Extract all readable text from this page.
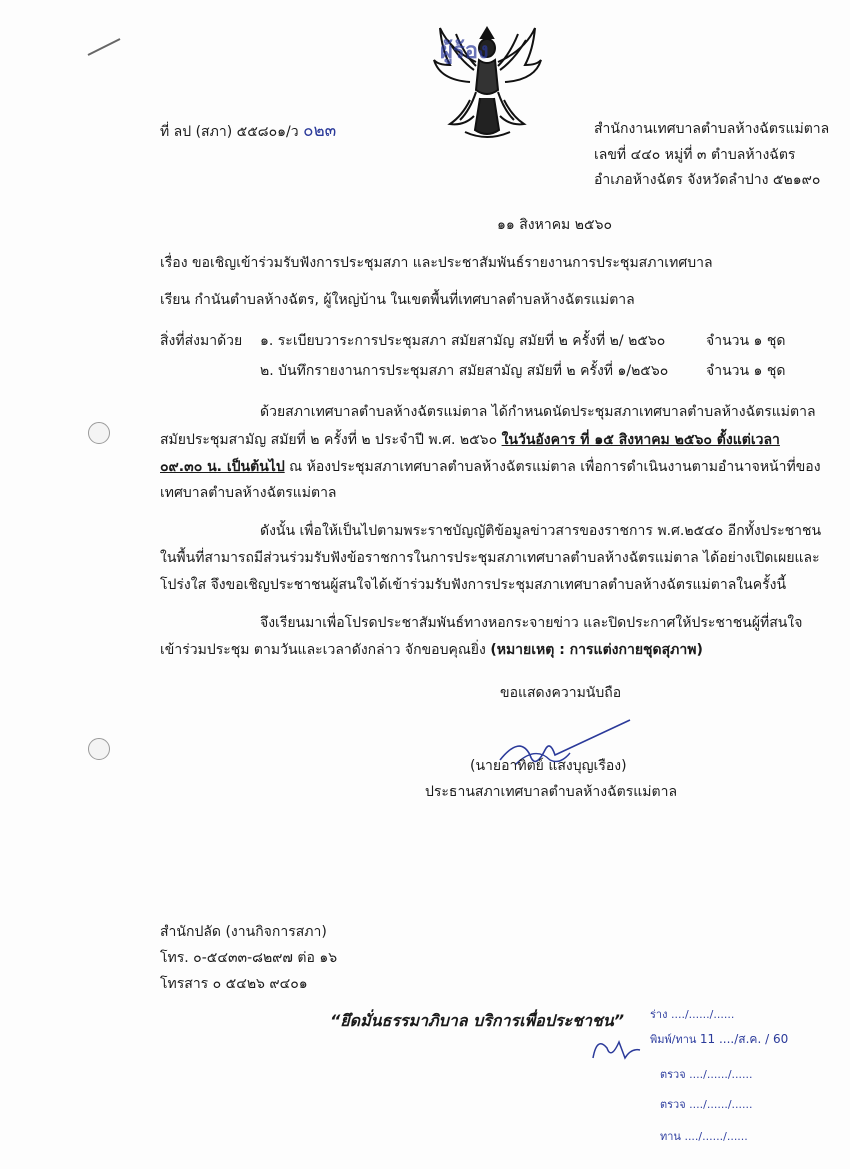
ผู้ร้อง
ที่ ลป (สภา) ๕๕๘๐๑/ว ๐๒๓	สำนักงานเทศบาลตำบลห้างฉัตรแม่ตาล
เลขที่ ๔๔๐ หมู่ที่ ๓ ตำบลห้างฉัตร
อำเภอห้างฉัตร จังหวัดลำปาง ๕๒๑๙๐
๑๑ สิงหาคม ๒๕๖๐
เรื่อง ขอเชิญเข้าร่วมรับฟังการประชุมสภา และประชาสัมพันธ์รายงานการประชุมสภาเทศบาล
เรียน กำนันตำบลห้างฉัตร, ผู้ใหญ่บ้าน ในเขตพื้นที่เทศบาลตำบลห้างฉัตรแม่ตาล
สิ่งที่ส่งมาด้วย ๑. ระเบียบวาระการประชุมสภา สมัยสามัญ สมัยที่ ๒ ครั้งที่ ๒/ ๒๕๖๐	จำนวน ๑ ชุด
๒. บันทึกรายงานการประชุมสภา สมัยสามัญ สมัยที่ ๒ ครั้งที่ ๑/๒๕๖๐	จำนวน ๑ ชุด
ด้วยสภาเทศบาลตำบลห้างฉัตรแม่ตาล ได้กำหนดนัดประชุมสภาเทศบาลตำบลห้างฉัตรแม่ตาล
สมัยประชุมสามัญ สมัยที่ ๒ ครั้งที่ ๒ ประจำปี พ.ศ. ๒๕๖๐ ในวันอังคาร ที่ ๑๕ สิงหาคม ๒๕๖๐ ตั้งแต่เวลา
๐๙.๓๐ น. เป็นต้นไป ณ ห้องประชุมสภาเทศบาลตำบลห้างฉัตรแม่ตาล เพื่อการดำเนินงานตามอำนาจหน้าที่ของ
เทศบาลตำบลห้างฉัตรแม่ตาล
ดังนั้น เพื่อให้เป็นไปตามพระราชบัญญัติข้อมูลข่าวสารของราชการ พ.ศ.๒๕๔๐ อีกทั้งประชาชน
ในพื้นที่สามารถมีส่วนร่วมรับฟังข้อราชการในการประชุมสภาเทศบาลตำบลห้างฉัตรแม่ตาล ได้อย่างเปิดเผยและ
โปร่งใส จึงขอเชิญประชาชนผู้สนใจได้เข้าร่วมรับฟังการประชุมสภาเทศบาลตำบลห้างฉัตรแม่ตาลในครั้งนี้
จึงเรียนมาเพื่อโปรดประชาสัมพันธ์ทางหอกระจายข่าว และปิดประกาศให้ประชาชนผู้ที่สนใจ
เข้าร่วมประชุม ตามวันและเวลาดังกล่าว จักขอบคุณยิ่ง (หมายเหตุ : การแต่งกายชุดสุภาพ)
ขอแสดงความนับถือ
(นายอาทิตย์ แสงบุญเรือง)
ประธานสภาเทศบาลตำบลห้างฉัตรแม่ตาล
สำนักปลัด (งานกิจการสภา)
โทร. ๐-๕๔๓๓-๘๒๙๗ ต่อ ๑๖
โทรสาร ๐ ๕๔๒๖ ๙๔๐๑
“ยึดมั่นธรรมาภิบาล บริการเพื่อประชาชน” ร่าง ..../....../......
พิมพ์/ทาน 11 ..../ส.ค. / 60
ตรวจ ..../....../......
ตรวจ ..../....../......
ทาน ..../....../......
